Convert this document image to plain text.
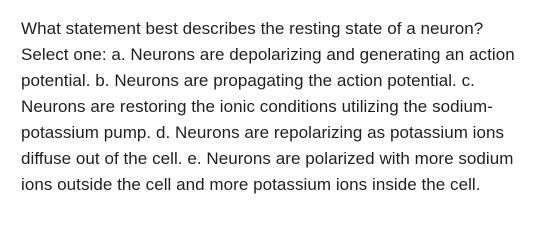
What statement best describes the resting state of a neuron?
Select one: a. Neurons are depolarizing and generating an action
potential. b. Neurons are propagating the action potential. c.
Neurons are restoring the ionic conditions utilizing the sodium-
potassium pump. d. Neurons are repolarizing as potassium ions
diffuse out of the cell. e. Neurons are polarized with more sodium
ions outside the cell and more potassium ions inside the cell.
